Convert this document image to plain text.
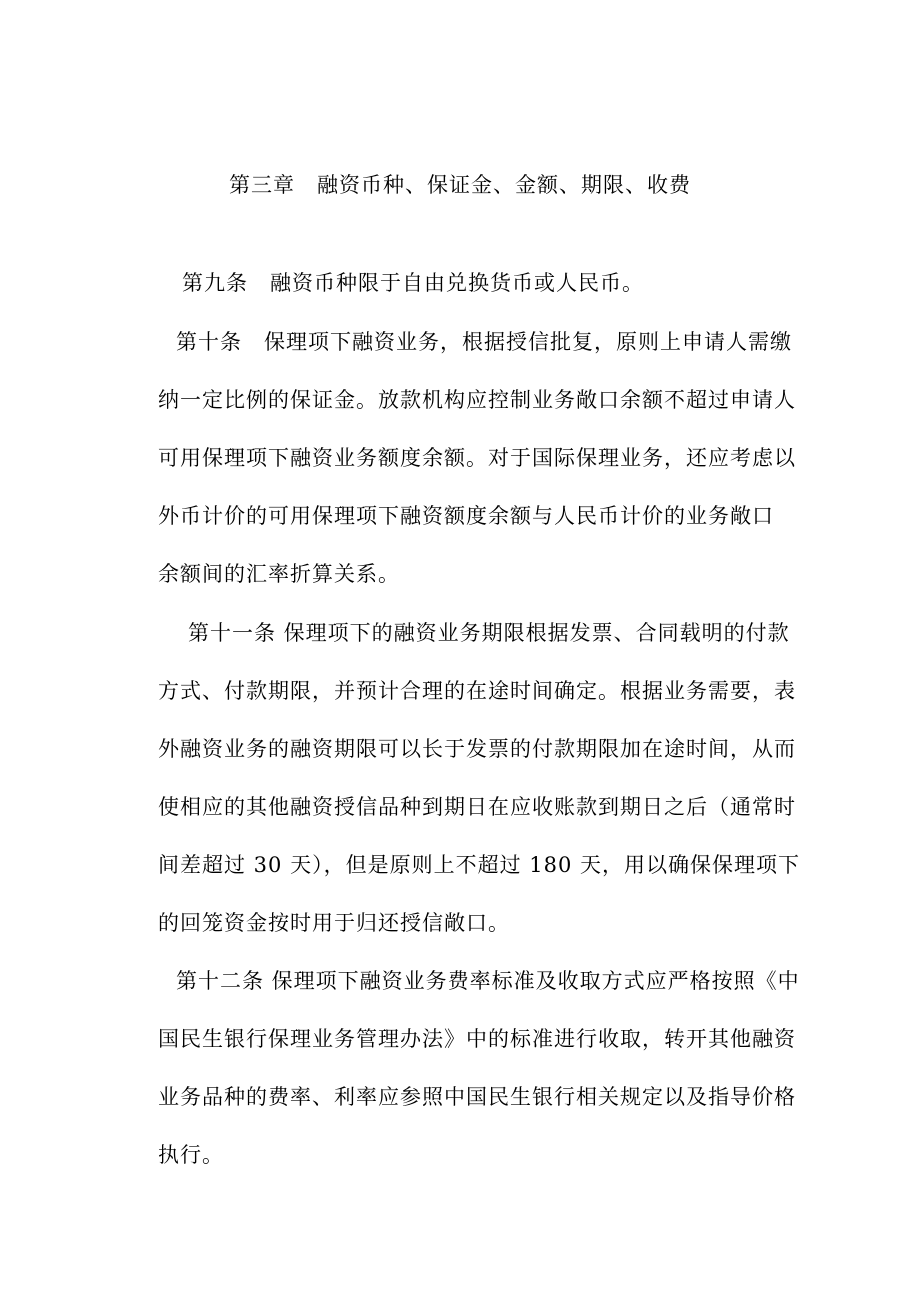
第三章　融资币种、保证金、金额、期限、收费
第九条　融资币种限于自由兑换货币或人民币。
第十条　保理项下融资业务，根据授信批复，原则上申请人需缴
纳一定比例的保证金。放款机构应控制业务敞口余额不超过申请人
可用保理项下融资业务额度余额。对于国际保理业务，还应考虑以
外币计价的可用保理项下融资额度余额与人民币计价的业务敞口
余额间的汇率折算关系。
第十一条 保理项下的融资业务期限根据发票、合同载明的付款
方式、付款期限，并预计合理的在途时间确定。根据业务需要，表
外融资业务的融资期限可以长于发票的付款期限加在途时间，从而
使相应的其他融资授信品种到期日在应收账款到期日之后（通常时
间差超过 30 天），但是原则上不超过 180 天，用以确保保理项下
的回笼资金按时用于归还授信敞口。
第十二条 保理项下融资业务费率标准及收取方式应严格按照《中
国民生银行保理业务管理办法》中的标准进行收取，转开其他融资
业务品种的费率、利率应参照中国民生银行相关规定以及指导价格
执行。
